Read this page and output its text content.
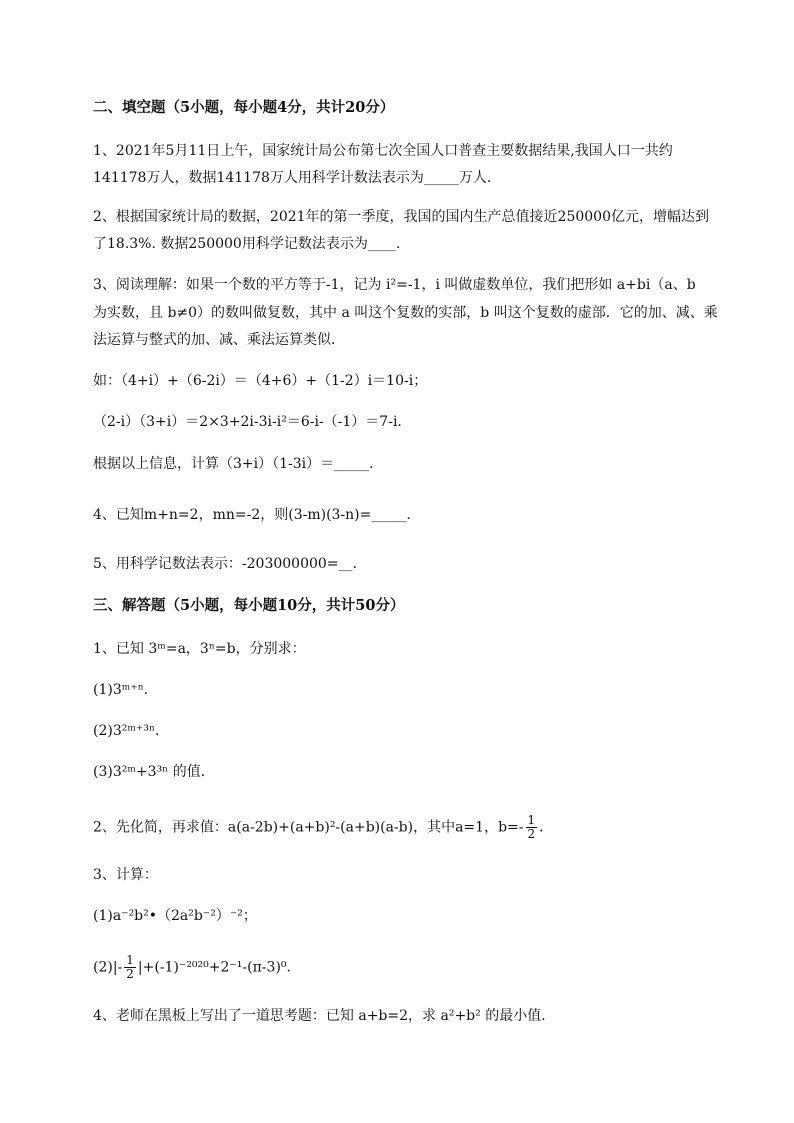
二、填空题（5小题，每小题4分，共计20分）
1、2021年5月11日上午，国家统计局公布第七次全国人口普查主要数据结果,我国人口一共约
141178万人，数据141178万人用科学计数法表示为_____万人．
2、根据国家统计局的数据，2021年的第一季度，我国的国内生产总值接近250000亿元，增幅达到
了18.3%. 数据250000用科学记数法表示为____.
3、阅读理解：如果一个数的平方等于-1，记为 i²=-1，i 叫做虚数单位，我们把形如 a+bi（a、b
为实数，且 b≠0）的数叫做复数，其中 a 叫这个复数的实部，b 叫这个复数的虚部．它的加、减、乘
法运算与整式的加、减、乘法运算类似．
如：（4+i）+（6-2i）＝（4+6）+（1-2）i＝10-i；
（2-i）（3+i）＝2×3+2i-3i-i²＝6-i-（-1）＝7-i．
根据以上信息，计算（3+i）（1-3i）＝_____.
4、已知m+n=2，mn=-2，则(3-m)(3-n)=_____.
5、用科学记数法表示：-203000000=__.
三、解答题（5小题，每小题10分，共计50分）
1、已知 3ᵐ=a，3ⁿ=b，分别求：
(1)3ᵐ⁺ⁿ．
(2)3²ᵐ⁺³ⁿ．
(3)3²ᵐ+3³ⁿ 的值．
2、先化简，再求值：a(a-2b)+(a+b)²-(a+b)(a-b)，其中a=1，$b=- \frac{1}{2}$ ．
3、计算：
(1)a⁻²b²•（2a²b⁻²）⁻²；
$(2)|- \frac{1}{2} |+(-1)^{-2020}+2^{-1}-(\pi-3)^0$．
4、老师在黑板上写出了一道思考题：已知 a+b=2，求 a²+b² 的最小值．
